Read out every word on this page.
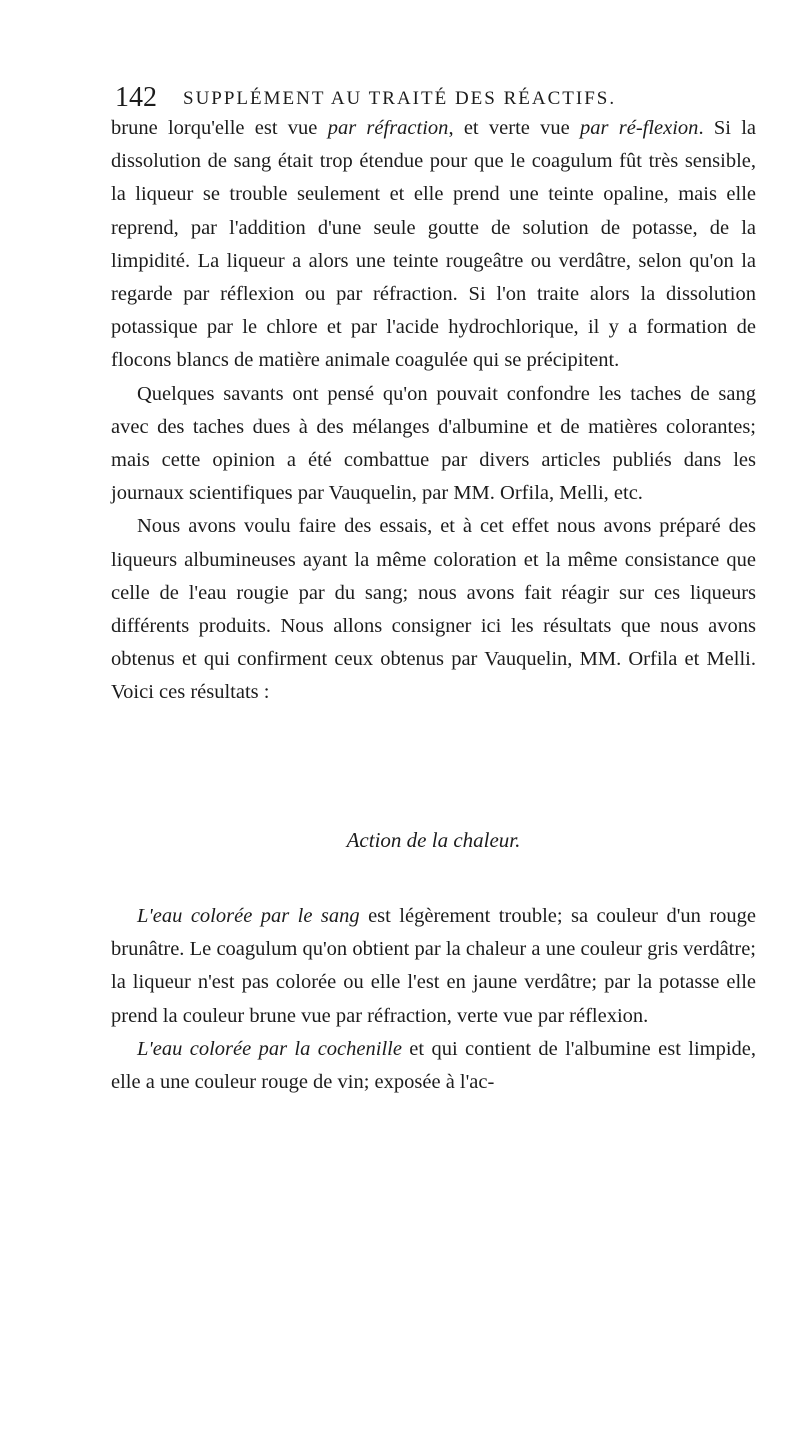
142 SUPPLÉMENT AU TRAITÉ DES RÉACTIFS.

brune lorqu'elle est vue par réfraction, et verte vue par ré-flexion. Si la dissolution de sang était trop étendue pour que le coagulum fût très sensible, la liqueur se trouble seulement et elle prend une teinte opaline, mais elle reprend, par l'addition d'une seule goutte de solution de potasse, de la limpidité. La liqueur a alors une teinte rougeâtre ou verdâtre, selon qu'on la regarde par réflexion ou par réfraction. Si l'on traite alors la dissolution potassique par le chlore et par l'acide hydrochlorique, il y a formation de flocons blancs de matière animale coagulée qui se précipitent.

Quelques savants ont pensé qu'on pouvait confondre les taches de sang avec des taches dues à des mélanges d'albumine et de matières colorantes; mais cette opinion a été combattue par divers articles publiés dans les journaux scientifiques par Vauquelin, par MM. Orfila, Melli, etc.

Nous avons voulu faire des essais, et à cet effet nous avons préparé des liqueurs albumineuses ayant la même coloration et la même consistance que celle de l'eau rougie par du sang; nous avons fait réagir sur ces liqueurs différents produits. Nous allons consigner ici les résultats que nous avons obtenus et qui confirment ceux obtenus par Vauquelin, MM. Orfila et Melli. Voici ces résultats :

Action de la chaleur.

L'eau colorée par le sang est légèrement trouble; sa couleur d'un rouge brunâtre. Le coagulum qu'on obtient par la chaleur a une couleur gris verdâtre; la liqueur n'est pas colorée ou elle l'est en jaune verdâtre; par la potasse elle prend la couleur brune vue par réfraction, verte vue par réflexion.

L'eau colorée par la cochenille et qui contient de l'albumine est limpide, elle a une couleur rouge de vin; exposée à l'ac-
